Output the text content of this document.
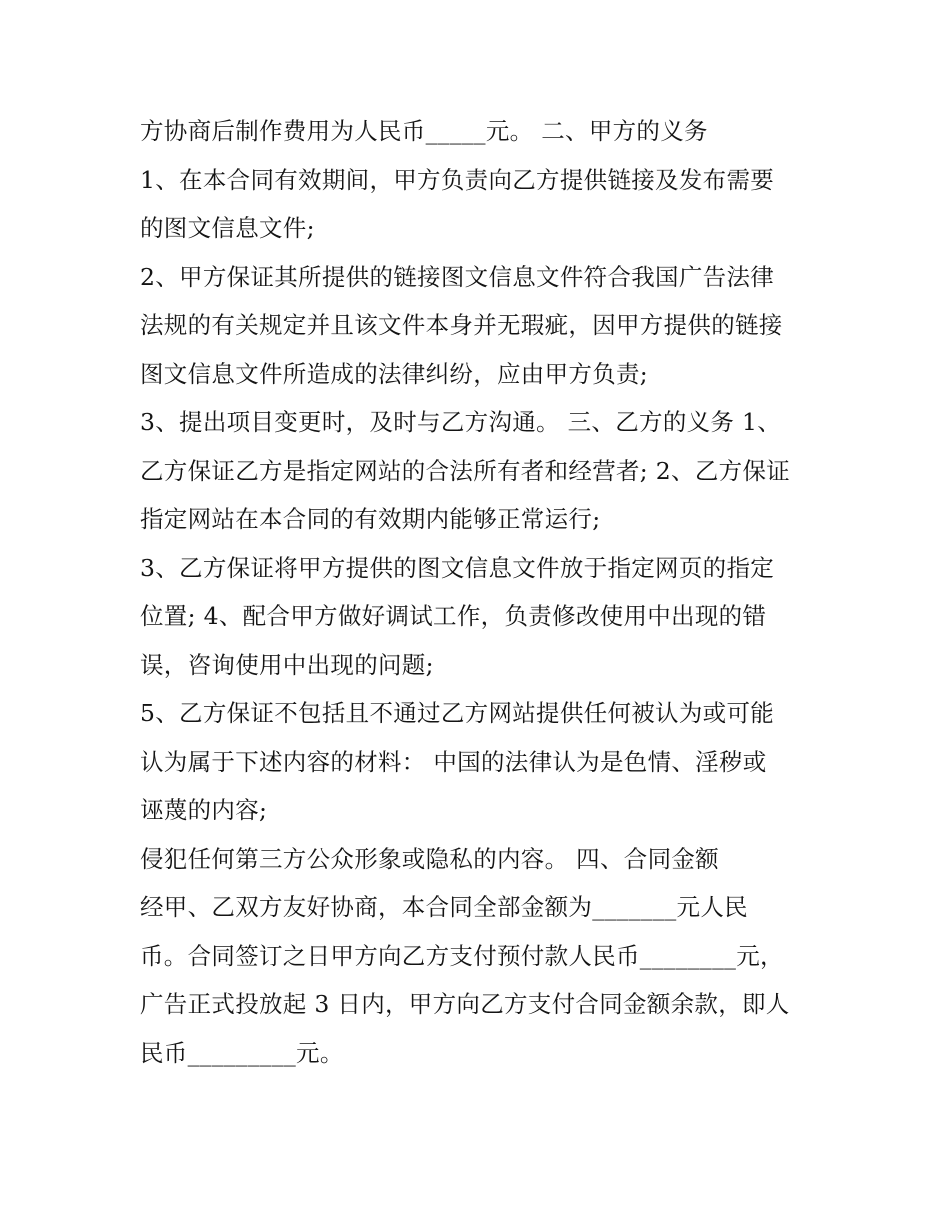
方协商后制作费用为人民币_____元。 二、甲方的义务
1、在本合同有效期间，甲方负责向乙方提供链接及发布需要
的图文信息文件;
2、甲方保证其所提供的链接图文信息文件符合我国广告法律
法规的有关规定并且该文件本身并无瑕疵，因甲方提供的链接
图文信息文件所造成的法律纠纷，应由甲方负责;
3、提出项目变更时，及时与乙方沟通。 三、乙方的义务 1、
乙方保证乙方是指定网站的合法所有者和经营者; 2、乙方保证
指定网站在本合同的有效期内能够正常运行;
3、乙方保证将甲方提供的图文信息文件放于指定网页的指定
位置; 4、配合甲方做好调试工作，负责修改使用中出现的错
误，咨询使用中出现的问题;
5、乙方保证不包括且不通过乙方网站提供任何被认为或可能
认为属于下述内容的材料： 中国的法律认为是色情、淫秽或
诬蔑的内容;
侵犯任何第三方公众形象或隐私的内容。 四、合同金额
经甲、乙双方友好协商，本合同全部金额为_______元人民
币。合同签订之日甲方向乙方支付预付款人民币________元，
广告正式投放起 3 日内，甲方向乙方支付合同金额余款，即人
民币_________元。
